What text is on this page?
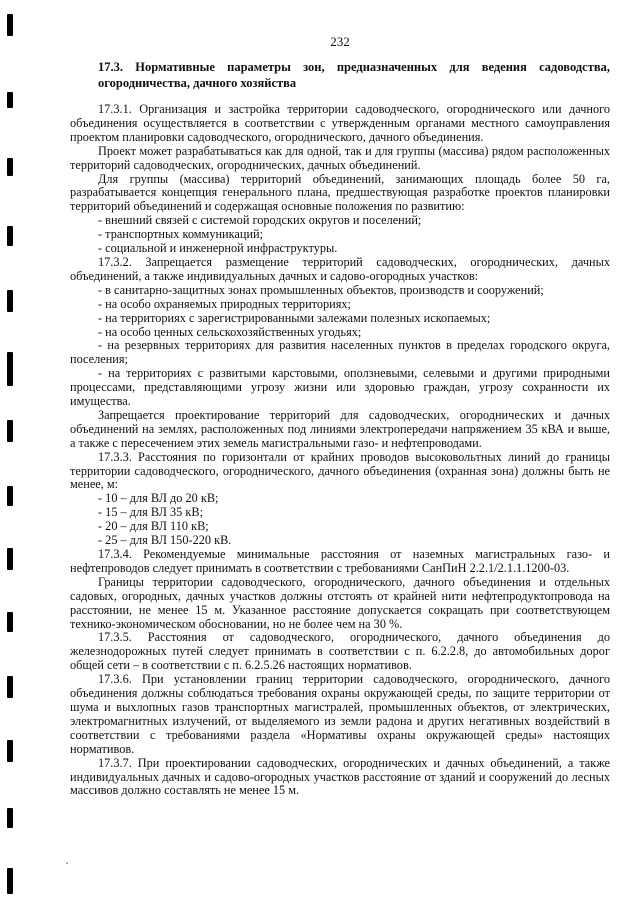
232

17.3. Нормативные параметры зон, предназначенных для ведения садоводства, огородничества, дачного хозяйства

17.3.1. Организация и застройка территории садоводческого, огороднического или дачного объединения осуществляется в соответствии с утвержденным органами местного самоуправления проектом планировки садоводческого, огороднического, дачного объединения.

Проект может разрабатываться как для одной, так и для группы (массива) рядом расположенных территорий садоводческих, огороднических, дачных объединений.

Для группы (массива) территорий объединений, занимающих площадь более 50 га, разрабатывается концепция генерального плана, предшествующая разработке проектов планировки территорий объединений и содержащая основные положения по развитию:

- внешний связей с системой городских округов и поселений;

- транспортных коммуникаций;

- социальной и инженерной инфраструктуры.

17.3.2. Запрещается размещение территорий садоводческих, огороднических, дачных объединений, а также индивидуальных дачных и садово-огородных участков:

- в санитарно-защитных зонах промышленных объектов, производств и сооружений;

- на особо охраняемых природных территориях;

- на территориях с зарегистрированными залежами полезных ископаемых;

- на особо ценных сельскохозяйственных угодьях;

- на резервных территориях для развития населенных пунктов в пределах городского округа, поселения;

- на территориях с развитыми карстовыми, оползневыми, селевыми и другими природными процессами, представляющими угрозу жизни или здоровью граждан, угрозу сохранности их имущества.

Запрещается проектирование территорий для садоводческих, огороднических и дачных объединений на землях, расположенных под линиями электропередачи напряжением 35 кВА и выше, а также с пересечением этих земель магистральными газо- и нефтепроводами.

17.3.3. Расстояния по горизонтали от крайних проводов высоковольтных линий до границы территории садоводческого, огороднического, дачного объединения (охранная зона) должны быть не менее, м:

- 10 – для ВЛ до 20 кВ;

- 15 – для ВЛ 35 кВ;

- 20 – для ВЛ 110 кВ;

- 25 – для ВЛ 150-220 кВ.

17.3.4. Рекомендуемые минимальные расстояния от наземных магистральных газо- и нефтепроводов следует принимать в соответствии с требованиями СанПиН 2.2.1/2.1.1.1200-03.

Границы территории садоводческого, огороднического, дачного объединения и отдельных садовых, огородных, дачных участков должны отстоять от крайней нити нефтепродуктопровода на расстоянии, не менее 15 м. Указанное расстояние допускается сокращать при соответствующем технико-экономическом обосновании, но не более чем на 30 %.

17.3.5. Расстояния от садоводческого, огороднического, дачного объединения до железнодорожных путей следует принимать в соответствии с п. 6.2.2.8, до автомобильных дорог общей сети – в соответствии с п. 6.2.5.26 настоящих нормативов.

17.3.6. При установлении границ территории садоводческого, огороднического, дачного объединения должны соблюдаться требования охраны окружающей среды, по защите территории от шума и выхлопных газов транспортных магистралей, промышленных объектов, от электрических, электромагнитных излучений, от выделяемого из земли радона и других негативных воздействий в соответствии с требованиями раздела «Нормативы охраны окружающей среды» настоящих нормативов.

17.3.7. При проектировании садоводческих, огороднических и дачных объединений, а также индивидуальных дачных и садово-огородных участков расстояние от зданий и сооружений до лесных массивов должно составлять не менее 15 м.
